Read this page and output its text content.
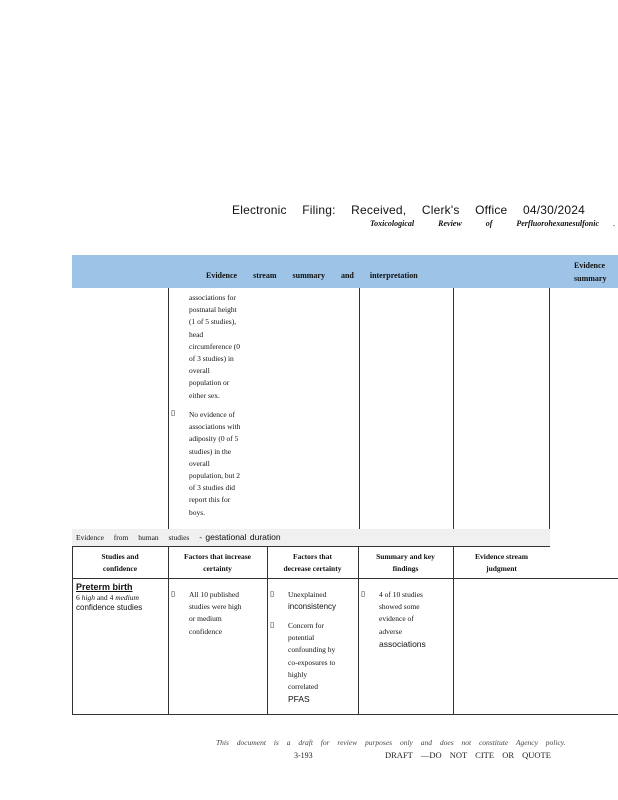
Electronic Filing: Received, Clerk's Office 04/30/2024
Toxicological Review of Perfluorohexanesulfonic .
Evidence stream summary and interpretation
Evidence
summary
associations for
postnatal height
(1 of 5 studies),
head
circumference (0
of 3 studies) in
overall
population or
either sex.
▯ No evidence of
associations with
adiposity (0 of 5
studies) in the
overall
population, but 2
of 3 studies did
report this for
boys.
Evidence from human studies - gestational duration
Studies and
confidence
Factors that increase
certainty
Factors that
decrease certainty
Summary and key
findings
Evidence stream
judgment
Preterm birth
6 high and 4 medium
confidence studies
▯ All 10 published
studies were high
or medium
confidence
▯ Unexplained
inconsistency
▯ Concern for
potential
confounding by
co-exposures to
highly
correlated
PFAS
▯ 4 of 10 studies
showed some
evidence of
adverse
associations
This document is a draft for review purposes only and does not constitute Agency policy.
3-193	DRAFT —DO NOT CITE OR QUOTE
